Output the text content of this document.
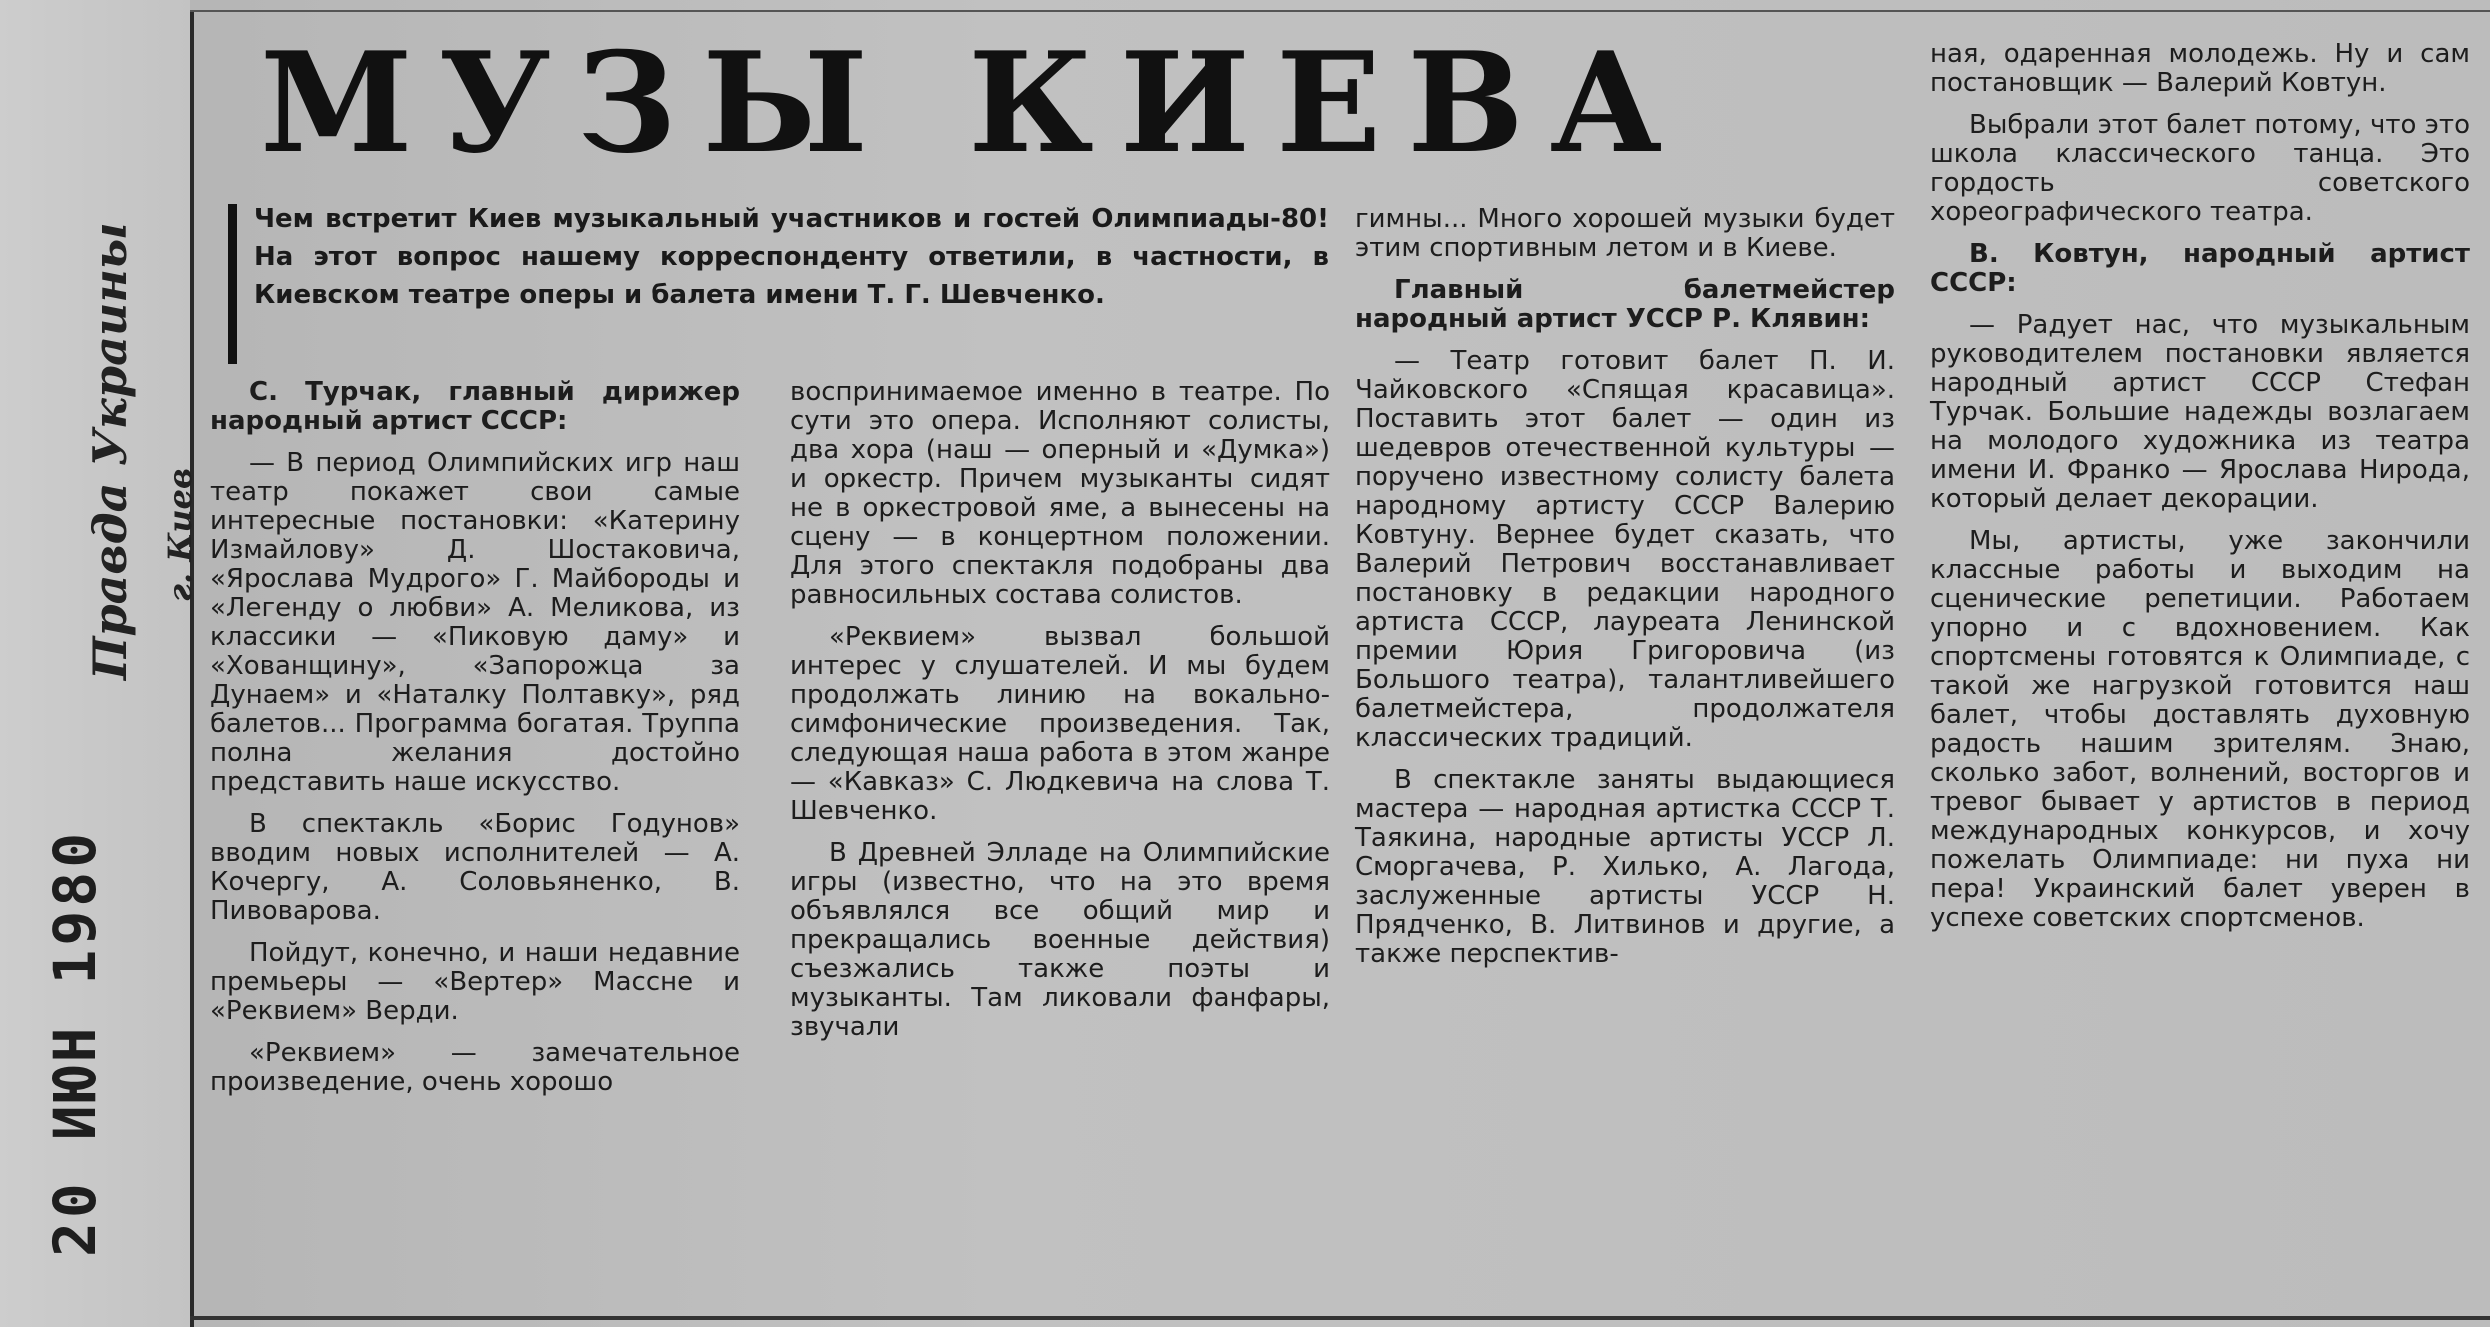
Правда Украины г. Киев
20 ИЮН 1980
МУЗЫ КИЕВА
Чем встретит Киев музыкальный участников и гостей Олимпиады-80! На этот вопрос нашему корреспонденту ответили, в частности, в Киевском театре оперы и балета имени Т. Г. Шевченко.

С. Турчак, главный дирижер народный артист СССР:

— В период Олимпийских игр наш театр покажет свои самые интересные постановки: «Катерину Измайлову» Д. Шостаковича, «Ярослава Мудрого» Г. Майбороды и «Легенду о любви» А. Меликова, из классики — «Пиковую даму» и «Хованщину», «Запорожца за Дунаем» и «Наталку Полтавку», ряд балетов... Программа богатая. Труппа полна желания достойно представить наше искусство.

В спектакль «Борис Годунов» вводим новых исполнителей — А. Кочергу, А. Соловьяненко, В. Пивоварова.

Пойдут, конечно, и наши недавние премьеры — «Вертер» Массне и «Реквием» Верди.

«Реквием» — замечательное произведение, очень хорошо

воспринимаемое именно в театре. По сути это опера. Исполняют солисты, два хора (наш — оперный и «Думка») и оркестр. Причем музыканты сидят не в оркестровой яме, а вынесены на сцену — в концертном положении. Для этого спектакля подобраны два равносильных состава солистов.

«Реквием» вызвал большой интерес у слушателей. И мы будем продолжать линию на вокально-симфонические произведения. Так, следующая наша работа в этом жанре — «Кавказ» С. Людкевича на слова Т. Шевченко.

В Древней Элладе на Олимпийские игры (известно, что на это время объявлялся все общий мир и прекращались военные действия) съезжались также поэты и музыканты. Там ликовали фанфары, звучали

гимны... Много хорошей музыки будет этим спортивным летом и в Киеве.

Главный балетмейстер народный артист УССР Р. Клявин:

— Театр готовит балет П. И. Чайковского «Спящая красавица». Поставить этот балет — один из шедевров отечественной культуры — поручено известному солисту балета народному артисту СССР Валерию Ковтуну. Вернее будет сказать, что Валерий Петрович восстанавливает постановку в редакции народного артиста СССР, лауреата Ленинской премии Юрия Григоровича (из Большого театра), талантливейшего балетмейстера, продолжателя классических традиций.

В спектакле заняты выдающиеся мастера — народная артистка СССР Т. Таякина, народные артисты УССР Л. Сморгачева, Р. Хилько, А. Лагода, заслуженные артисты УССР Н. Прядченко, В. Литвинов и другие, а также перспектив-

ная, одаренная молодежь. Ну и сам постановщик — Валерий Ковтун.

Выбрали этот балет потому, что это школа классического танца. Это гордость советского хореографического театра.

В. Ковтун, народный артист СССР:

— Радует нас, что музыкальным руководителем постановки является народный артист СССР Стефан Турчак. Большие надежды возлагаем на молодого художника из театра имени И. Франко — Ярослава Нирода, который делает декорации.

Мы, артисты, уже закончили классные работы и выходим на сценические репетиции. Работаем упорно и с вдохновением. Как спортсмены готовятся к Олимпиаде, с такой же нагрузкой готовится наш балет, чтобы доставлять духовную радость нашим зрителям. Знаю, сколько забот, волнений, восторгов и тревог бывает у артистов в период международных конкурсов, и хочу пожелать Олимпиаде: ни пуха ни пера! Украинский балет уверен в успехе советских спортсменов.
